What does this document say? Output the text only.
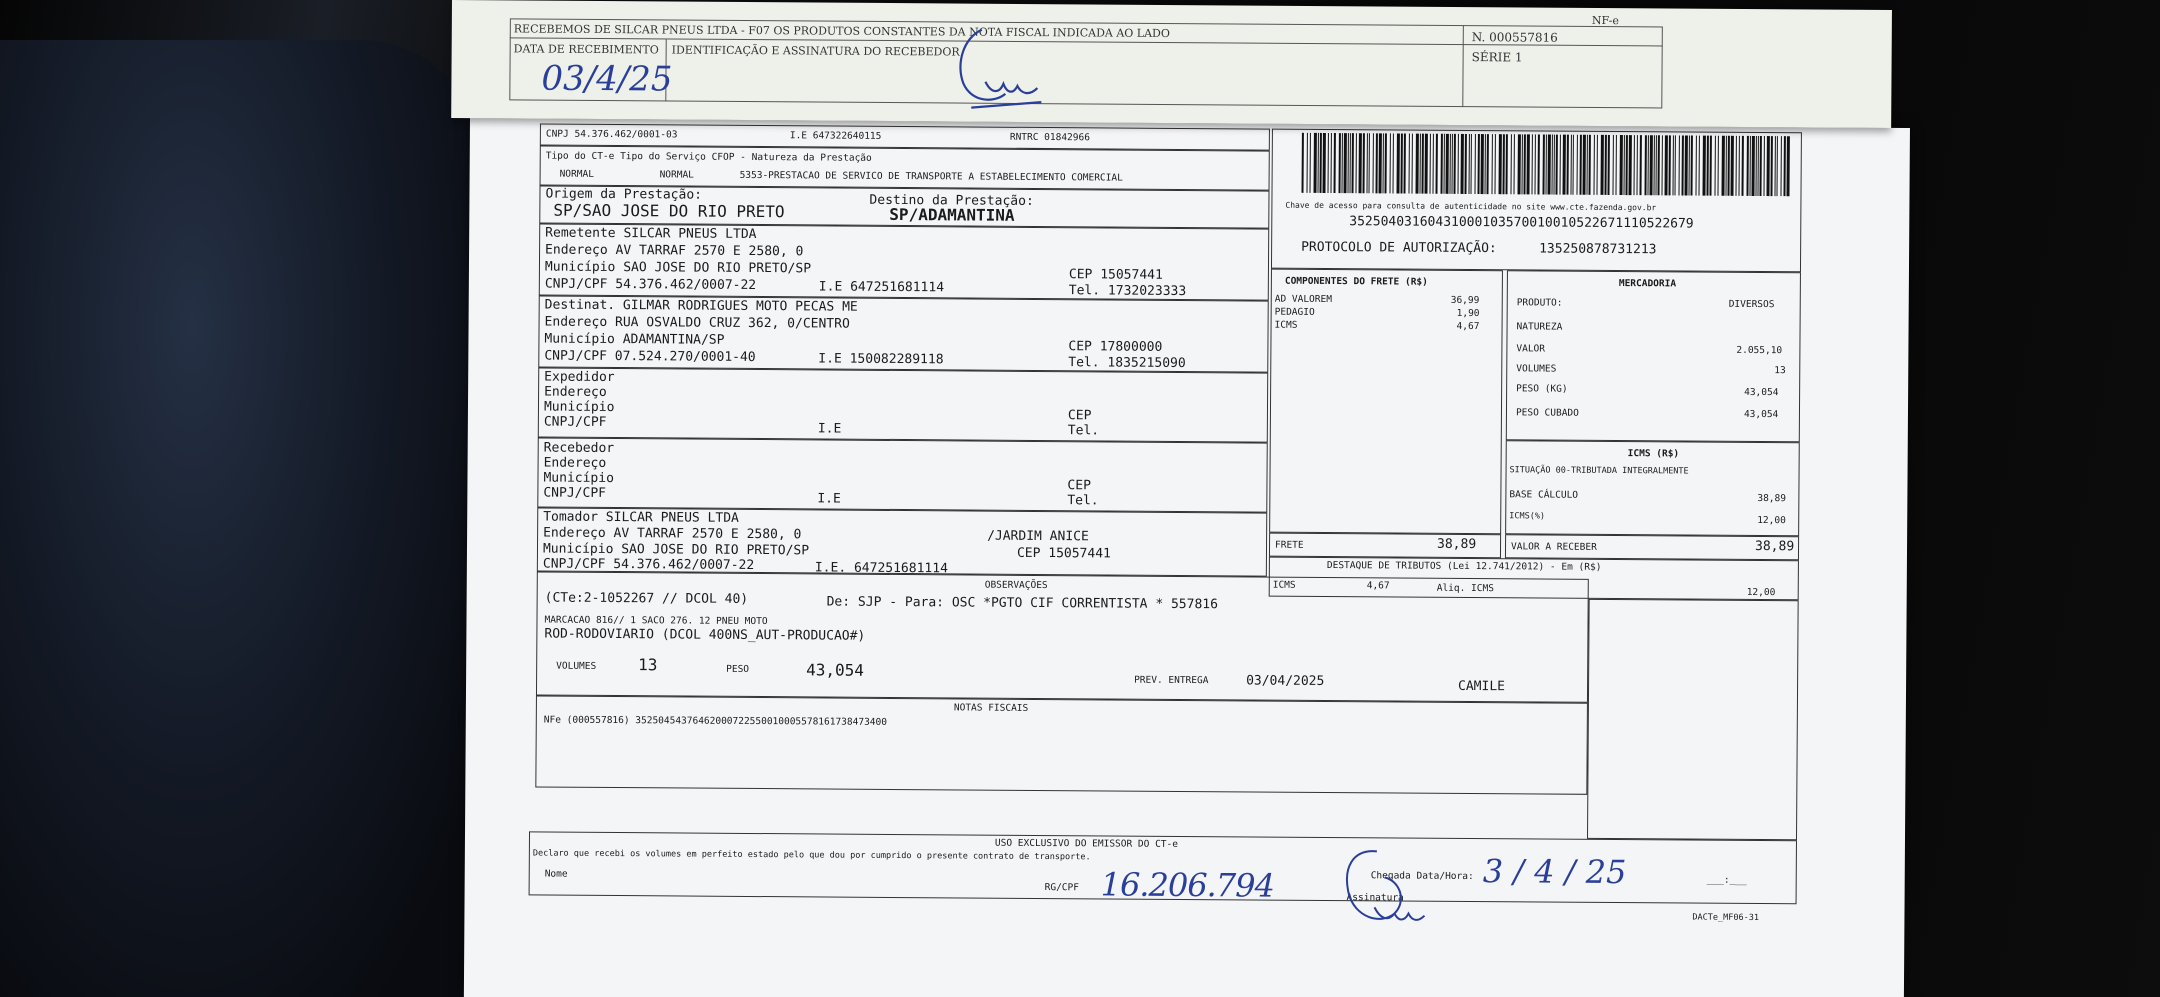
CNPJ 54.376.462/0001-03	I.E 647322640115	RNTRC 01842966
Tipo do CT-e Tipo do Serviço CFOP - Natureza da Prestação
NORMAL	NORMAL	5353-PRESTACAO DE SERVICO DE TRANSPORTE A ESTABELECIMENTO COMERCIAL
Origem da Prestação:
SP/SAO JOSE DO RIO PRETO	Destino da Prestação:
SP/ADAMANTINA
Remetente SILCAR PNEUS LTDA
Endereço AV TARRAF 2570 E 2580, 0
Município SAO JOSE DO RIO PRETO/SP
CNPJ/CPF 54.376.462/0007-22	I.E 647251681114
CEP 15057441
Tel. 1732023333
Destinat. GILMAR RODRIGUES MOTO PECAS ME
Endereço RUA OSVALDO CRUZ 362, 0/CENTRO
Município ADAMANTINA/SP
CNPJ/CPF 07.524.270/0001-40	I.E 150082289118
CEP 17800000
Tel. 1835215090
Expedidor
Endereço
Município
CNPJ/CPF	I.E
CEP
Tel.
Recebedor
Endereço
Município
CNPJ/CPF	I.E
CEP
Tel.
Tomador SILCAR PNEUS LTDA
Endereço AV TARRAF 2570 E 2580, 0	/JARDIM ANICE
Município SAO JOSE DO RIO PRETO/SP	CEP 15057441
CNPJ/CPF 54.376.462/0007-22	I.E. 647251681114
Chave de acesso para consulta de autenticidade no site www.cte.fazenda.gov.br
35250403160431000103570010010522671110522679
PROTOCOLO DE AUTORIZAÇÃO:	135250878731213
COMPONENTES DO FRETE (R$)
AD VALOREM	36,99
PEDAGIO	1,90
ICMS	4,67
MERCADORIA
PRODUTO:	DIVERSOS
NATUREZA
VALOR	2.055,10
VOLUMES	13
PESO (KG)	43,054
PESO CUBADO	43,054
ICMS (R$)
SITUAÇÃO 00-TRIBUTADA INTEGRALMENTE
BASE CÁLCULO	38,89
ICMS(%)	12,00
FRETE	38,89	VALOR A RECEBER	38,89
DESTAQUE DE TRIBUTOS (Lei 12.741/2012) - Em (R$)
ICMS	4,67	Aliq. ICMS	12,00
OBSERVAÇÕES
(CTe:2-1052267 // DCOL 40)	De: SJP - Para: OSC *PGTO CIF CORRENTISTA * 557816
MARCACAO 816// 1 SACO 276. 12 PNEU MOTO
ROD-RODOVIARIO (DCOL 400NS_AUT-PRODUCAO#)
VOLUMES	13	PESO	43,054
PREV. ENTREGA	03/04/2025	CAMILE
NOTAS FISCAIS
NFe (000557816) 35250454376462000722550010005578161738473400
USO EXCLUSIVO DO EMISSOR DO CT-e
Declaro que recebi os volumes em perfeito estado pelo que dou por cumprido o presente contrato de transporte.
Nome
RG/CPF
Chegada Data/Hora:	___:___
Assinatura
DACTe_MF06-31
16.206.794	3 / 4 / 25
RECEBEMOS DE SILCAR PNEUS LTDA - F07 OS PRODUTOS CONSTANTES DA NOTA FISCAL INDICADA AO LADO
DATA DE RECEBIMENTO IDENTIFICAÇÃO E ASSINATURA DO RECEBEDOR
NF-e
N. 000557816
SÉRIE 1
03/4/25
